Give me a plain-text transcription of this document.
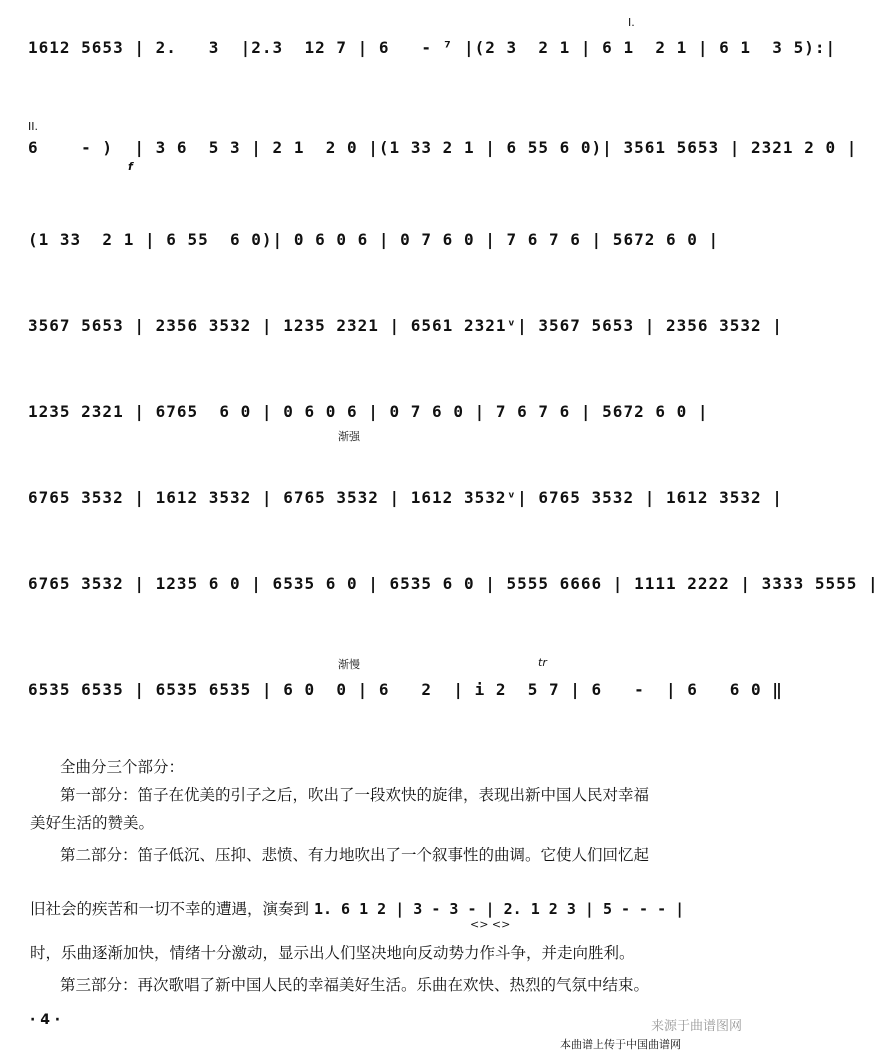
1612 5653 | 2.   3  |2.3  12 7 | 6   - ⁷ |(2 3  2 1 | 6 1  2 1 | 6 1  3 5):|
I.
6    - )  | 3 6  5 3 | 2 1  2 0 |(1 33 2 1 | 6 55 6 0)| 3561 5653 | 2321 2 0 |
II.
f
(1 33  2 1 | 6 55  6 0)| 0 6 0 6 | 0 7 6 0 | 7 6 7 6 | 5672 6 0 |
3567 5653 | 2356 3532 | 1235 2321 | 6561 2321ᵛ| 3567 5653 | 2356 3532 |
1235 2321 | 6765  6 0 | 0 6 0 6 | 0 7 6 0 | 7 6 7 6 | 5672 6 0 |
渐强
6765 3532 | 1612 3532 | 6765 3532 | 1612 3532ᵛ| 6765 3532 | 1612 3532 |
6765 3532 | 1235 6 0 | 6535 6 0 | 6535 6 0 | 5555 6666 | 1111 2222 | 3333 5555 |
6535 6535 | 6535 6535 | 6 0  0 | 6   2  | i 2  5 7 | 6   -  | 6   6 0 ‖
渐慢	tr
全曲分三个部分：
第一部分：笛子在优美的引子之后，吹出了一段欢快的旋律，表现出新中国人民对幸福
美好生活的赞美。
第二部分：笛子低沉、压抑、悲愤、有力地吹出了一个叙事性的曲调。它使人们回忆起
旧社会的疾苦和一切不幸的遭遇，演奏到 1. 6 1 2 | 3 - 3 - | 2. 1 2 3 | 5 - - - |
<> <>
时，乐曲逐渐加快，情绪十分激动，显示出人们坚决地向反动势力作斗争，并走向胜利。
第三部分：再次歌唱了新中国人民的幸福美好生活。乐曲在欢快、热烈的气氛中结束。
· 4 ·
本曲谱上传于中国曲谱网
来源于曲谱图网
